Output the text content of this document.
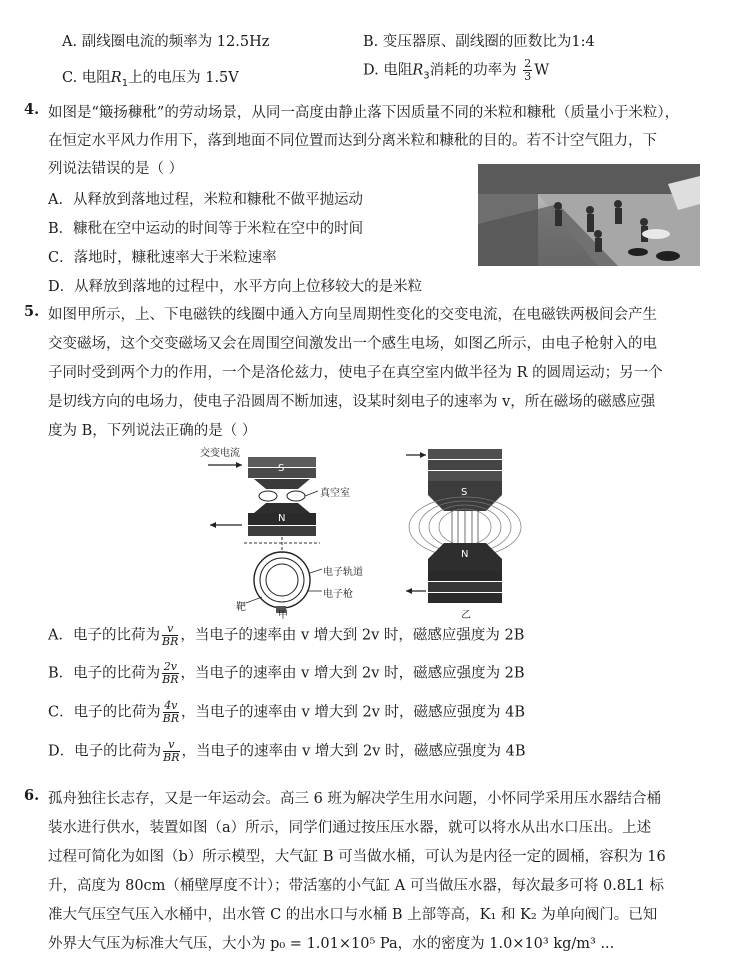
A. 副线圈电流的频率为 12.5Hz	B. 变压器原、副线圈的匝数比为1:4
C. 电阻$R_1$上的电压为 1.5V	D. 电阻$R_3$消耗的功率为 $\frac{2}{3}$ W
4. 如图是“簸扬穅秕”的劳动场景，从同一高度由静止落下因质量不同的米粒和糠秕（质量小于米粒），
在恒定水平风力作用下，落到地面不同位置而达到分离米粒和糠秕的目的。若不计空气阻力，下
列说法错误的是（ ）
A．从释放到落地过程，米粒和糠秕不做平抛运动
B．糠秕在空中运动的时间等于米粒在空中的时间
C．落地时，糠秕速率大于米粒速率
D．从释放到落地的过程中，水平方向上位移较大的是米粒
5. 如图甲所示，上、下电磁铁的线圈中通入方向呈周期性变化的交变电流，在电磁铁两极间会产生
交变磁场，这个交变磁场又会在周围空间激发出一个感生电场，如图乙所示，由电子枪射入的电
子同时受到两个力的作用，一个是洛伦兹力，使电子在真空室内做半径为 R 的圆周运动；另一个
是切线方向的电场力，使电子沿圆周不断加速，设某时刻电子的速率为 v，所在磁场的磁感应强
度为 B，下列说法正确的是（ ）
交变电流
S
N
真空室
电子轨道
电子枪
靶
甲
S
N
乙
A．电子的比荷为 $\frac{v}{BR}$ ，当电子的速率由 v 增大到 2v 时，磁感应强度为 2B
B．电子的比荷为 $\frac{2v}{BR}$ ，当电子的速率由 v 增大到 2v 时，磁感应强度为 2B
C．电子的比荷为 $\frac{4v}{BR}$ ，当电子的速率由 v 增大到 2v 时，磁感应强度为 4B
D．电子的比荷为 $\frac{v}{BR}$ ，当电子的速率由 v 增大到 2v 时，磁感应强度为 4B
6. 孤舟独往长志存，又是一年运动会。高三 6 班为解决学生用水问题，小怀同学采用压水器结合桶
装水进行供水，装置如图（a）所示，同学们通过按压压水器，就可以将水从出水口压出。上述
过程可简化为如图（b）所示模型，大气缸 B 可当做水桶，可认为是内径一定的圆桶，容积为 16
升，高度为 80cm（桶壁厚度不计）；带活塞的小气缸 A 可当做压水器，每次最多可将 0.8L1 标
准大气压空气压入水桶中，出水管 C 的出水口与水桶 B 上部等高，K₁ 和 K₂ 为单向阀门。已知
外界大气压为标准大气压，大小为 p₀ = 1.01×10⁵ Pa，水的密度为 1.0×10³ kg/m³ ...
